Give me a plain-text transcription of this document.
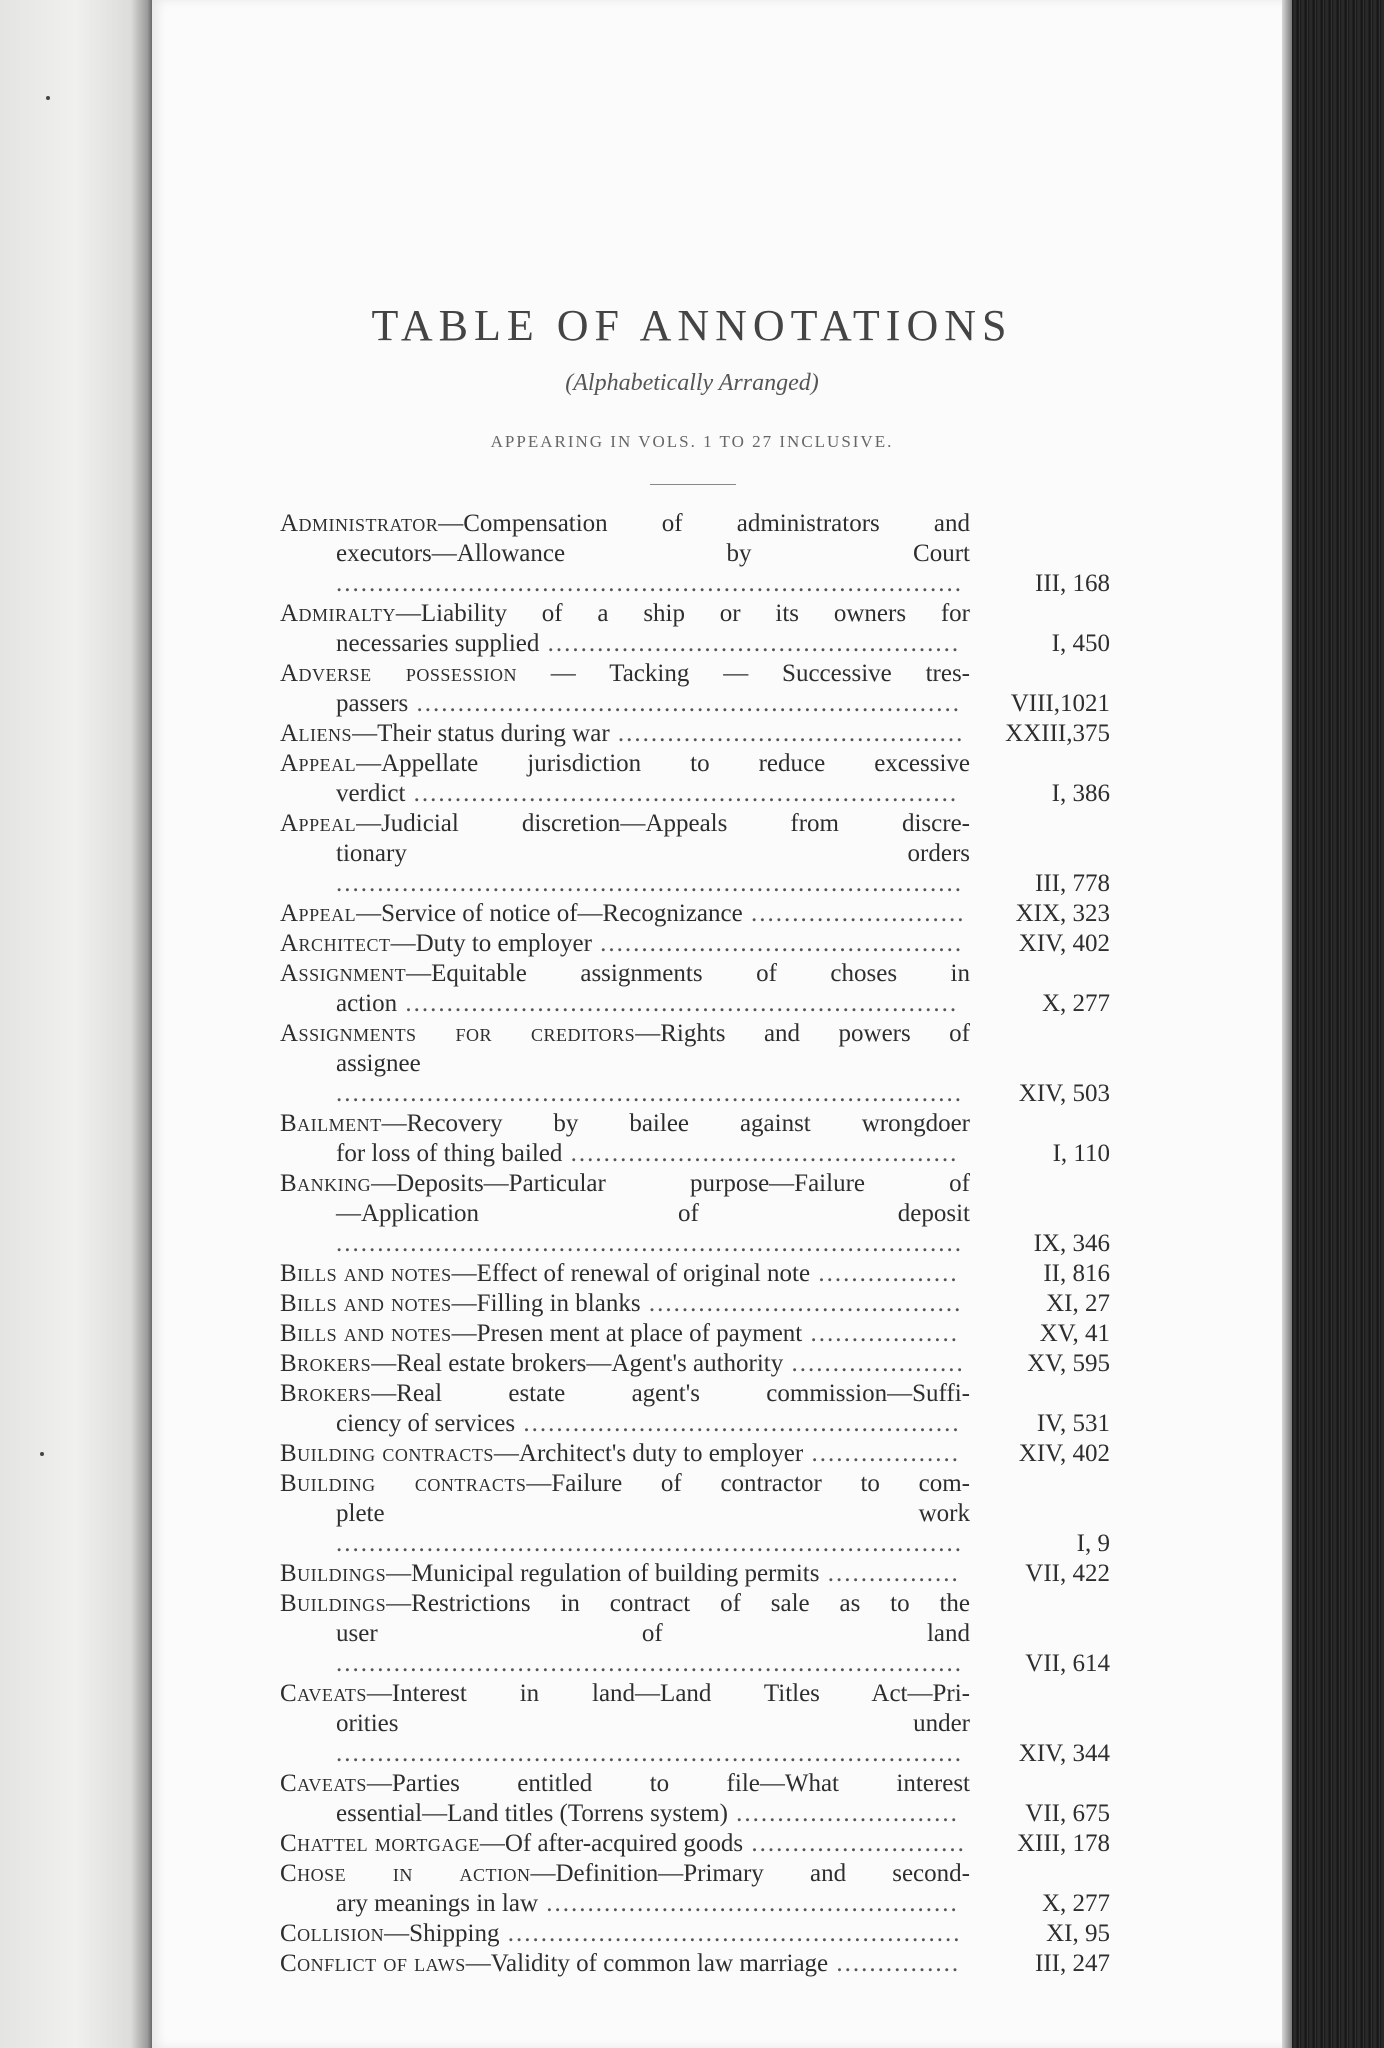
TABLE OF ANNOTATIONS
(Alphabetically Arranged)
APPEARING IN VOLS. 1 TO 27 INCLUSIVE.
Administrator—Compensation of administrators and
executors—Allowance by Court ............................................................................	III, 168
Admiralty—Liability of a ship or its owners for
necessaries supplied ..................................................	I, 450
Adverse possession — Tacking — Successive tres-
passers ..................................................................	VIII,1021
Aliens—Their status during war ..........................................	XXIII,375
Appeal—Appellate jurisdiction to reduce excessive
verdict ..................................................................	I, 386
Appeal—Judicial discretion—Appeals from discre-
tionary orders ............................................................................	III, 778
Appeal—Service of notice of—Recognizance ..........................	XIX, 323
Architect—Duty to employer ............................................	XIV, 402
Assignment—Equitable assignments of choses in
action ...................................................................	X, 277
Assignments for creditors—Rights and powers of
assignee ............................................................................	XIV, 503
Bailment—Recovery by bailee against wrongdoer
for loss of thing bailed ...............................................	I, 110
Banking—Deposits—Particular purpose—Failure of
—Application of deposit ............................................................................	IX, 346
Bills and notes—Effect of renewal of original note .................	II, 816
Bills and notes—Filling in blanks ......................................	XI, 27
Bills and notes—Presen ment at place of payment ..................	XV, 41
Brokers—Real estate brokers—Agent's authority .....................	XV, 595
Brokers—Real estate agent's commission—Suffi-
ciency of services .....................................................	IV, 531
Building contracts—Architect's duty to employer ..................	XIV, 402
Building contracts—Failure of contractor to com-
plete work ............................................................................	I, 9
Buildings—Municipal regulation of building permits ................	VII, 422
Buildings—Restrictions in contract of sale as to the
user of land ............................................................................	VII, 614
Caveats—Interest in land—Land Titles Act—Pri-
orities under ............................................................................	XIV, 344
Caveats—Parties entitled to file—What interest
essential—Land titles (Torrens system) ...........................	VII, 675
Chattel mortgage—Of after-acquired goods ..........................	XIII, 178
Chose in action—Definition—Primary and second-
ary meanings in law ..................................................	X, 277
Collision—Shipping .......................................................	XI, 95
Conflict of laws—Validity of common law marriage ...............	III, 247
